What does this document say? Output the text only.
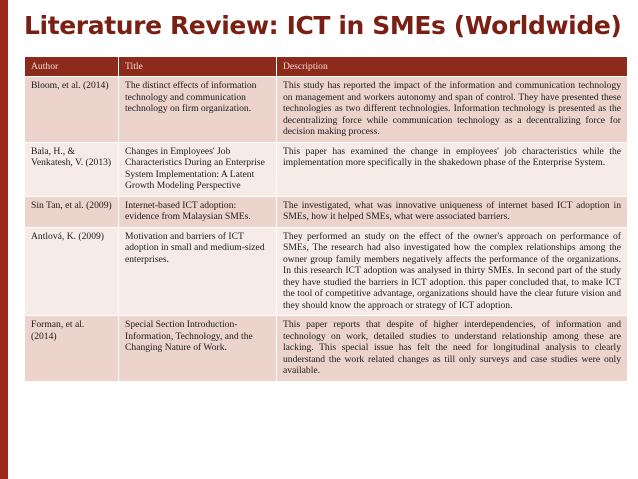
Literature Review: ICT in SMEs (Worldwide)
Author	Title	Description
Bloom, et al. (2014)	The distinct effects of information technology and communication technology on firm organization.	This study has reported the impact of the information and communication technology on management and workers autonomy and span of control. They have presented these technologies as two different technologies. Information technology is presented as the decentralizing force while communication technology as a decentralizing force for decision making process.
Bala, H., & Venkatesh, V. (2013)	Changes in Employees' Job Characteristics During an Enterprise System Implementation: A Latent Growth Modeling Perspective	This paper has examined the change in employees' job characteristics while the implementation more specifically in the shakedown phase of the Enterprise System.
Sin Tan, et al. (2009)	Internet-based ICT adoption: evidence from Malaysian SMEs.	The investigated, what was innovative uniqueness of internet based ICT adoption in SMEs, how it helped SMEs, what were associated barriers.
Antlová, K. (2009)	Motivation and barriers of ICT adoption in small and medium-sized enterprises.	They performed an study on the effect of the owner's approach on performance of SMEs, The research had also investigated how the complex relationships among the owner group family members negatively affects the performance of the organizations. In this research ICT adoption was analysed in thirty SMEs. In second part of the study they have studied the barriers in ICT adoption. this paper concluded that, to make ICT the tool of competitive advantage, organizations should have the clear future vision and they should know the approach or strategy of ICT adoption.
Forman, et al. (2014)	Special Section Introduction-Information, Technology, and the Changing Nature of Work.	This paper reports that despite of higher interdependencies, of information and technology on work, detailed studies to understand relationship among these are lacking. This special issue has felt the need for longitudinal analysis to clearly understand the work related changes as till only surveys and case studies were only available.
